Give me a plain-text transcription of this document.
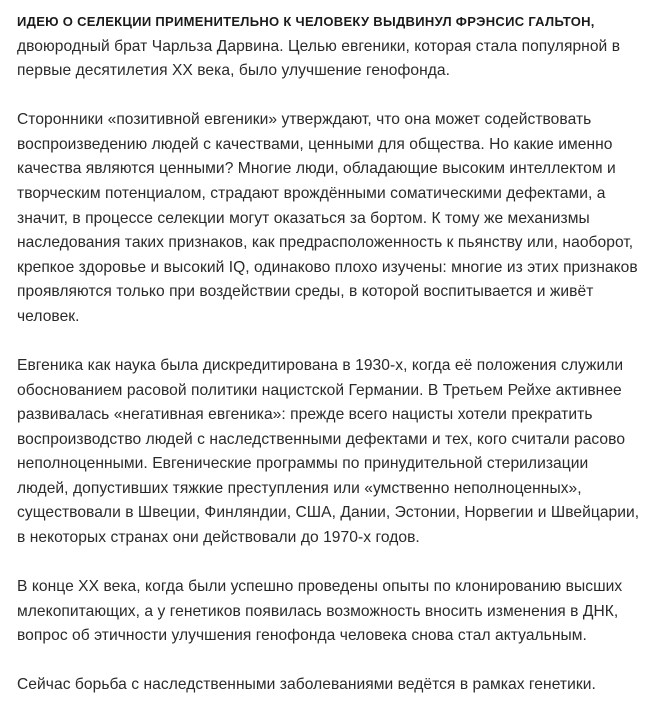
ИДЕЮ О СЕЛЕКЦИИ ПРИМЕНИТЕЛЬНО К ЧЕЛОВЕКУ ВЫДВИНУЛ ФРЭНСИС ГАЛЬТОН,
двоюродный брат Чарльза Дарвина. Целью евгеники, которая стала популярной в первые десятилетия XX века, было улучшение генофонда.

Сторонники «позитивной евгеники» утверждают, что она может содействовать воспроизведению людей с качествами, ценными для общества. Но какие именно качества являются ценными? Многие люди, обладающие высоким интеллектом и творческим потенциалом, страдают врождёнными соматическими дефектами, а значит, в процессе селекции могут оказаться за бортом. К тому же механизмы наследования таких признаков, как предрасположенность к пьянству или, наоборот, крепкое здоровье и высокий IQ, одинаково плохо изучены: многие из этих признаков проявляются только при воздействии среды, в которой воспитывается и живёт человек.

Евгеника как наука была дискредитирована в 1930-х, когда её положения служили обоснованием расовой политики нацистской Германии. В Третьем Рейхе активнее развивалась «негативная евгеника»: прежде всего нацисты хотели прекратить воспроизводство людей с наследственными дефектами и тех, кого считали расово неполноценными. Евгенические программы по принудительной стерилизации людей, допустивших тяжкие преступления или «умственно неполноценных», существовали в Швеции, Финляндии, США, Дании, Эстонии, Норвегии и Швейцарии, в некоторых странах они действовали до 1970-х годов.

В конце XX века, когда были успешно проведены опыты по клонированию высших млекопитающих, а у генетиков появилась возможность вносить изменения в ДНК, вопрос об этичности улучшения генофонда человека снова стал актуальным.

Сейчас борьба с наследственными заболеваниями ведётся в рамках генетики.
